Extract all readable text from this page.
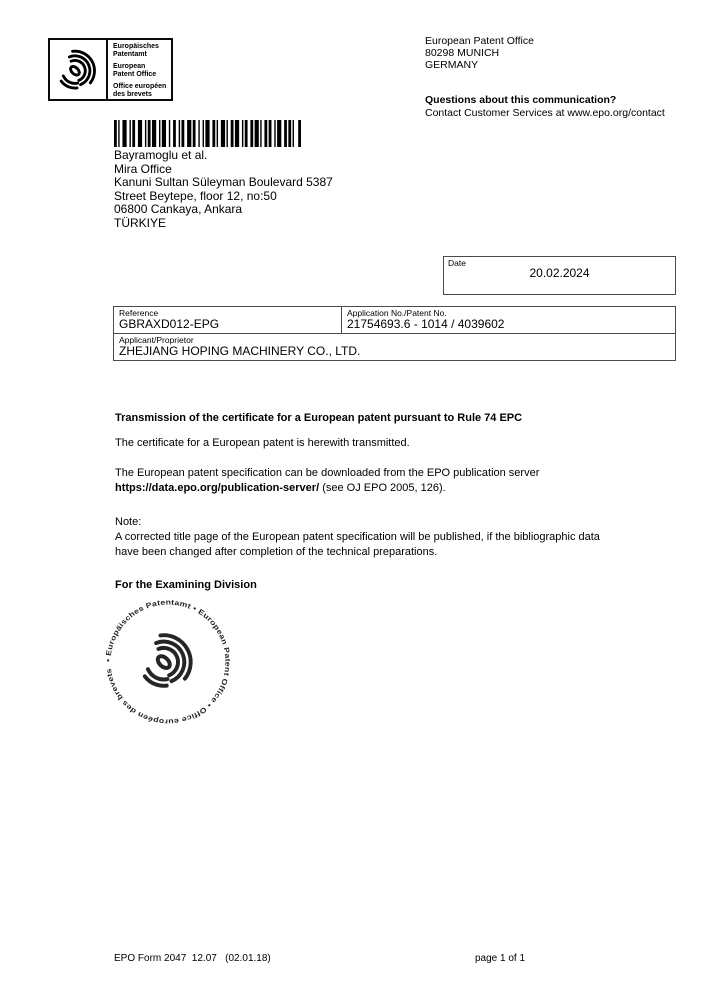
Europäisches
Patentamt
European
Patent Office
Office européen
des brevets
European Patent Office
80298 MUNICH
GERMANY
Questions about this communication?
Contact Customer Services at www.epo.org/contact
Bayramoglu et al.
Mira Office
Kanuni Sultan Süleyman Boulevard 5387
Street Beytepe, floor 12, no:50
06800 Cankaya, Ankara
TÜRKIYE
Date
20.02.2024
Reference
GBRAXD012-EPG
Application No./Patent No.
21754693.6 - 1014 / 4039602
Applicant/Proprietor
ZHEJIANG HOPING MACHINERY CO., LTD.

Transmission of the certificate for a European patent pursuant to Rule 74 EPC

The certificate for a European patent is herewith transmitted.

The European patent specification can be downloaded from the EPO publication server
https://data.epo.org/publication-server/ (see OJ EPO 2005, 126).

Note:
A corrected title page of the European patent specification will be published, if the bibliographic data
have been changed after completion of the technical preparations.
For the Examining Division
• Europäisches Patentamt • European Patent Office • Office européen des brevets
EPO Form 2047  12.07   (02.01.18)	page 1 of 1
